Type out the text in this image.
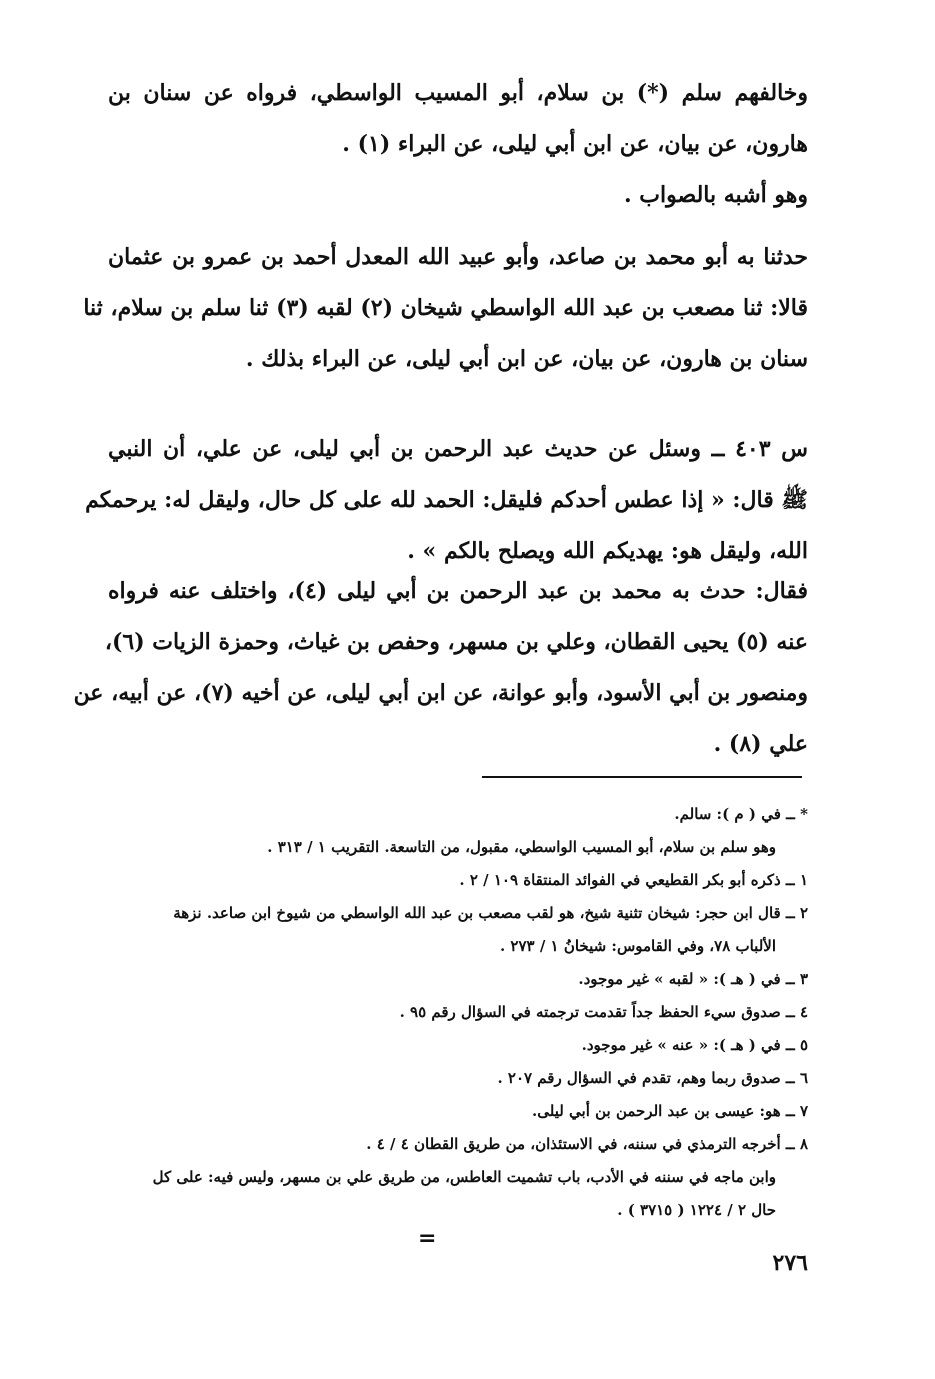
وخالفهم سلم (*) بن سلام، أبو المسيب الواسطي، فرواه عن سنان بن
هارون، عن بيان، عن ابن أبي ليلى، عن البراء (١) .
وهو أشبه بالصواب .
حدثنا به أبو محمد بن صاعد، وأبو عبيد الله المعدل أحمد بن عمرو بن عثمان
قالا: ثنا مصعب بن عبد الله الواسطي شيخان (٢) لقبه (٣) ثنا سلم بن سلام، ثنا
سنان بن هارون، عن بيان، عن ابن أبي ليلى، عن البراء بذلك .
س ٤٠٣ ــ وسئل عن حديث عبد الرحمن بن أبي ليلى، عن علي، أن النبي
ﷺ قال: « إذا عطس أحدكم فليقل: الحمد لله على كل حال، وليقل له: يرحمكم
الله، وليقل هو: يهديكم الله ويصلح بالكم » .
فقال: حدث به محمد بن عبد الرحمن بن أبي ليلى (٤)، واختلف عنه فرواه
عنه (٥) يحيى القطان، وعلي بن مسهر، وحفص بن غياث، وحمزة الزيات (٦)،
ومنصور بن أبي الأسود، وأبو عوانة، عن ابن أبي ليلى، عن أخيه (٧)، عن أبيه، عن
علي (٨) .
* ــ في ( م ): سالم.
وهو سلم بن سلام، أبو المسيب الواسطي، مقبول، من التاسعة. التقريب ١ / ٣١٣ .
١ ــ ذكره أبو بكر القطيعي في الفوائد المنتقاة ١٠٩ / ٢ .
٢ ــ قال ابن حجر: شيخان تثنية شيخ، هو لقب مصعب بن عبد الله الواسطي من شيوخ ابن صاعد. نزهة
الألباب ٧٨، وفي القاموس: شيخانُ ١ / ٢٧٣ .
٣ ــ في ( هـ ): « لقبه » غير موجود.
٤ ــ صدوق سيء الحفظ جداً تقدمت ترجمته في السؤال رقم ٩٥ .
٥ ــ في ( هـ ): « عنه » غير موجود.
٦ ــ صدوق ربما وهم، تقدم في السؤال رقم ٢٠٧ .
٧ ــ هو: عيسى بن عبد الرحمن بن أبي ليلى.
٨ ــ أخرجه الترمذي في سننه، في الاستئذان، من طريق القطان ٤ / ٤ .
وابن ماجه في سننه في الأدب، باب تشميت العاطس، من طريق علي بن مسهر، وليس فيه: على كل
حال ٢ / ١٢٢٤ ( ٣٧١٥ ) .
=
٢٧٦
